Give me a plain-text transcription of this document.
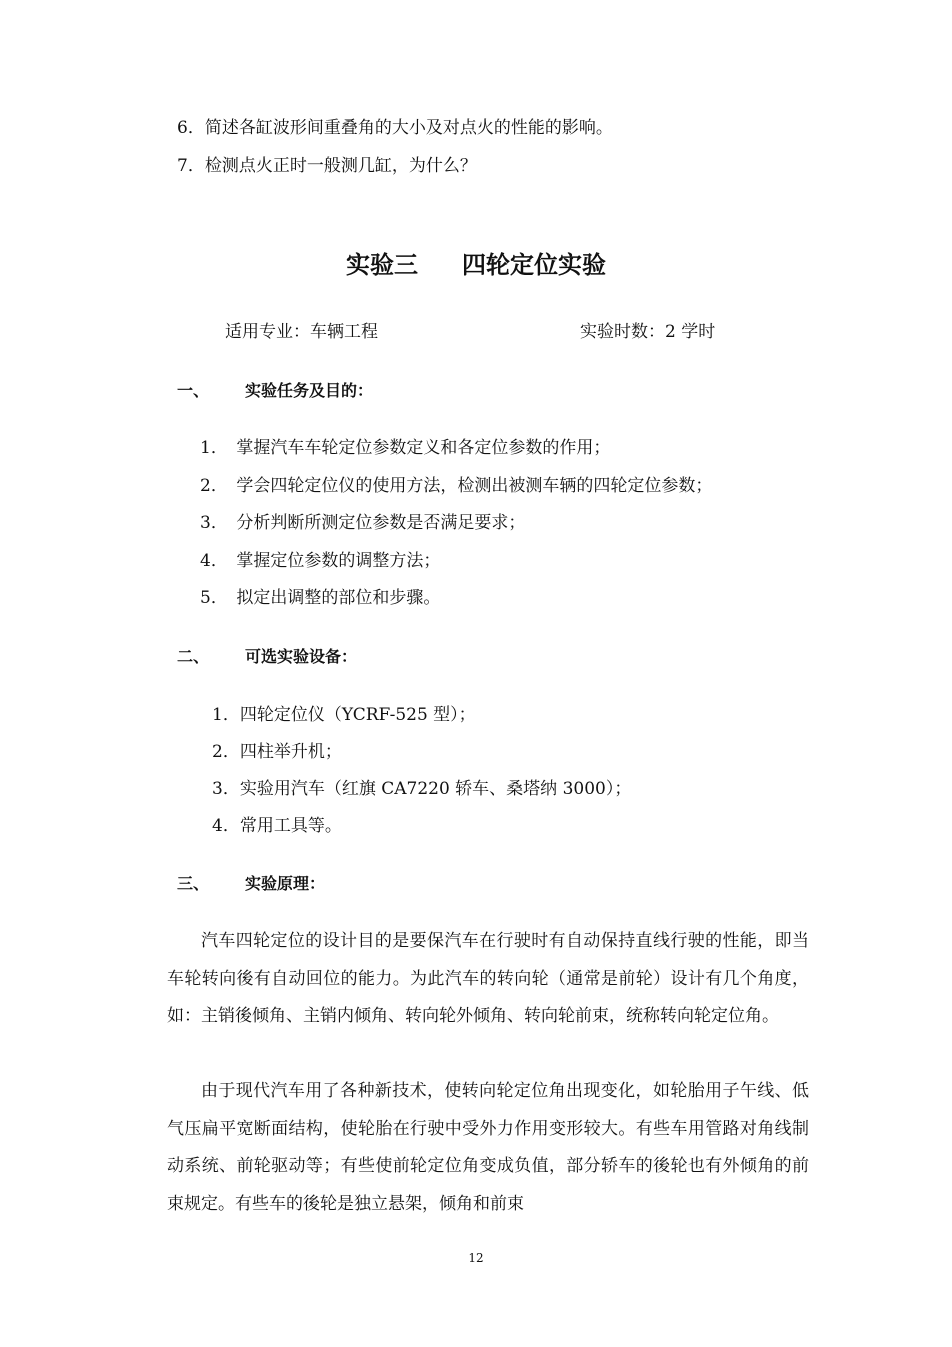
6．简述各缸波形间重叠角的大小及对点火的性能的影响。
7．检测点火正时一般测几缸，为什么？
实验三 四轮定位实验
适用专业：车辆工程	实验时数：2 学时
一、 实验任务及目的：
1．　掌握汽车车轮定位参数定义和各定位参数的作用；
2．　学会四轮定位仪的使用方法，检测出被测车辆的四轮定位参数；
3．　分析判断所测定位参数是否满足要求；
4．　掌握定位参数的调整方法；
5．　拟定出调整的部位和步骤。
二、 可选实验设备：
1．四轮定位仪（YCRF-525 型）；
2．四柱举升机；
3．实验用汽车（红旗 CA7220 轿车、桑塔纳 3000）；
4．常用工具等。
三、 实验原理：

汽车四轮定位的设计目的是要保汽车在行驶时有自动保持直线行驶的性能，即当车轮转向後有自动回位的能力。为此汽车的转向轮（通常是前轮）设计有几个角度，如：主销後倾角、主销内倾角、转向轮外倾角、转向轮前束，统称转向轮定位角。

由于现代汽车用了各种新技术，使转向轮定位角出现变化，如轮胎用子午线、低气压扁平宽断面结构，使轮胎在行驶中受外力作用变形较大。有些车用管路对角线制动系统、前轮驱动等；有些使前轮定位角变成负值，部分轿车的後轮也有外倾角的前束规定。有些车的後轮是独立悬架，倾角和前束

12
